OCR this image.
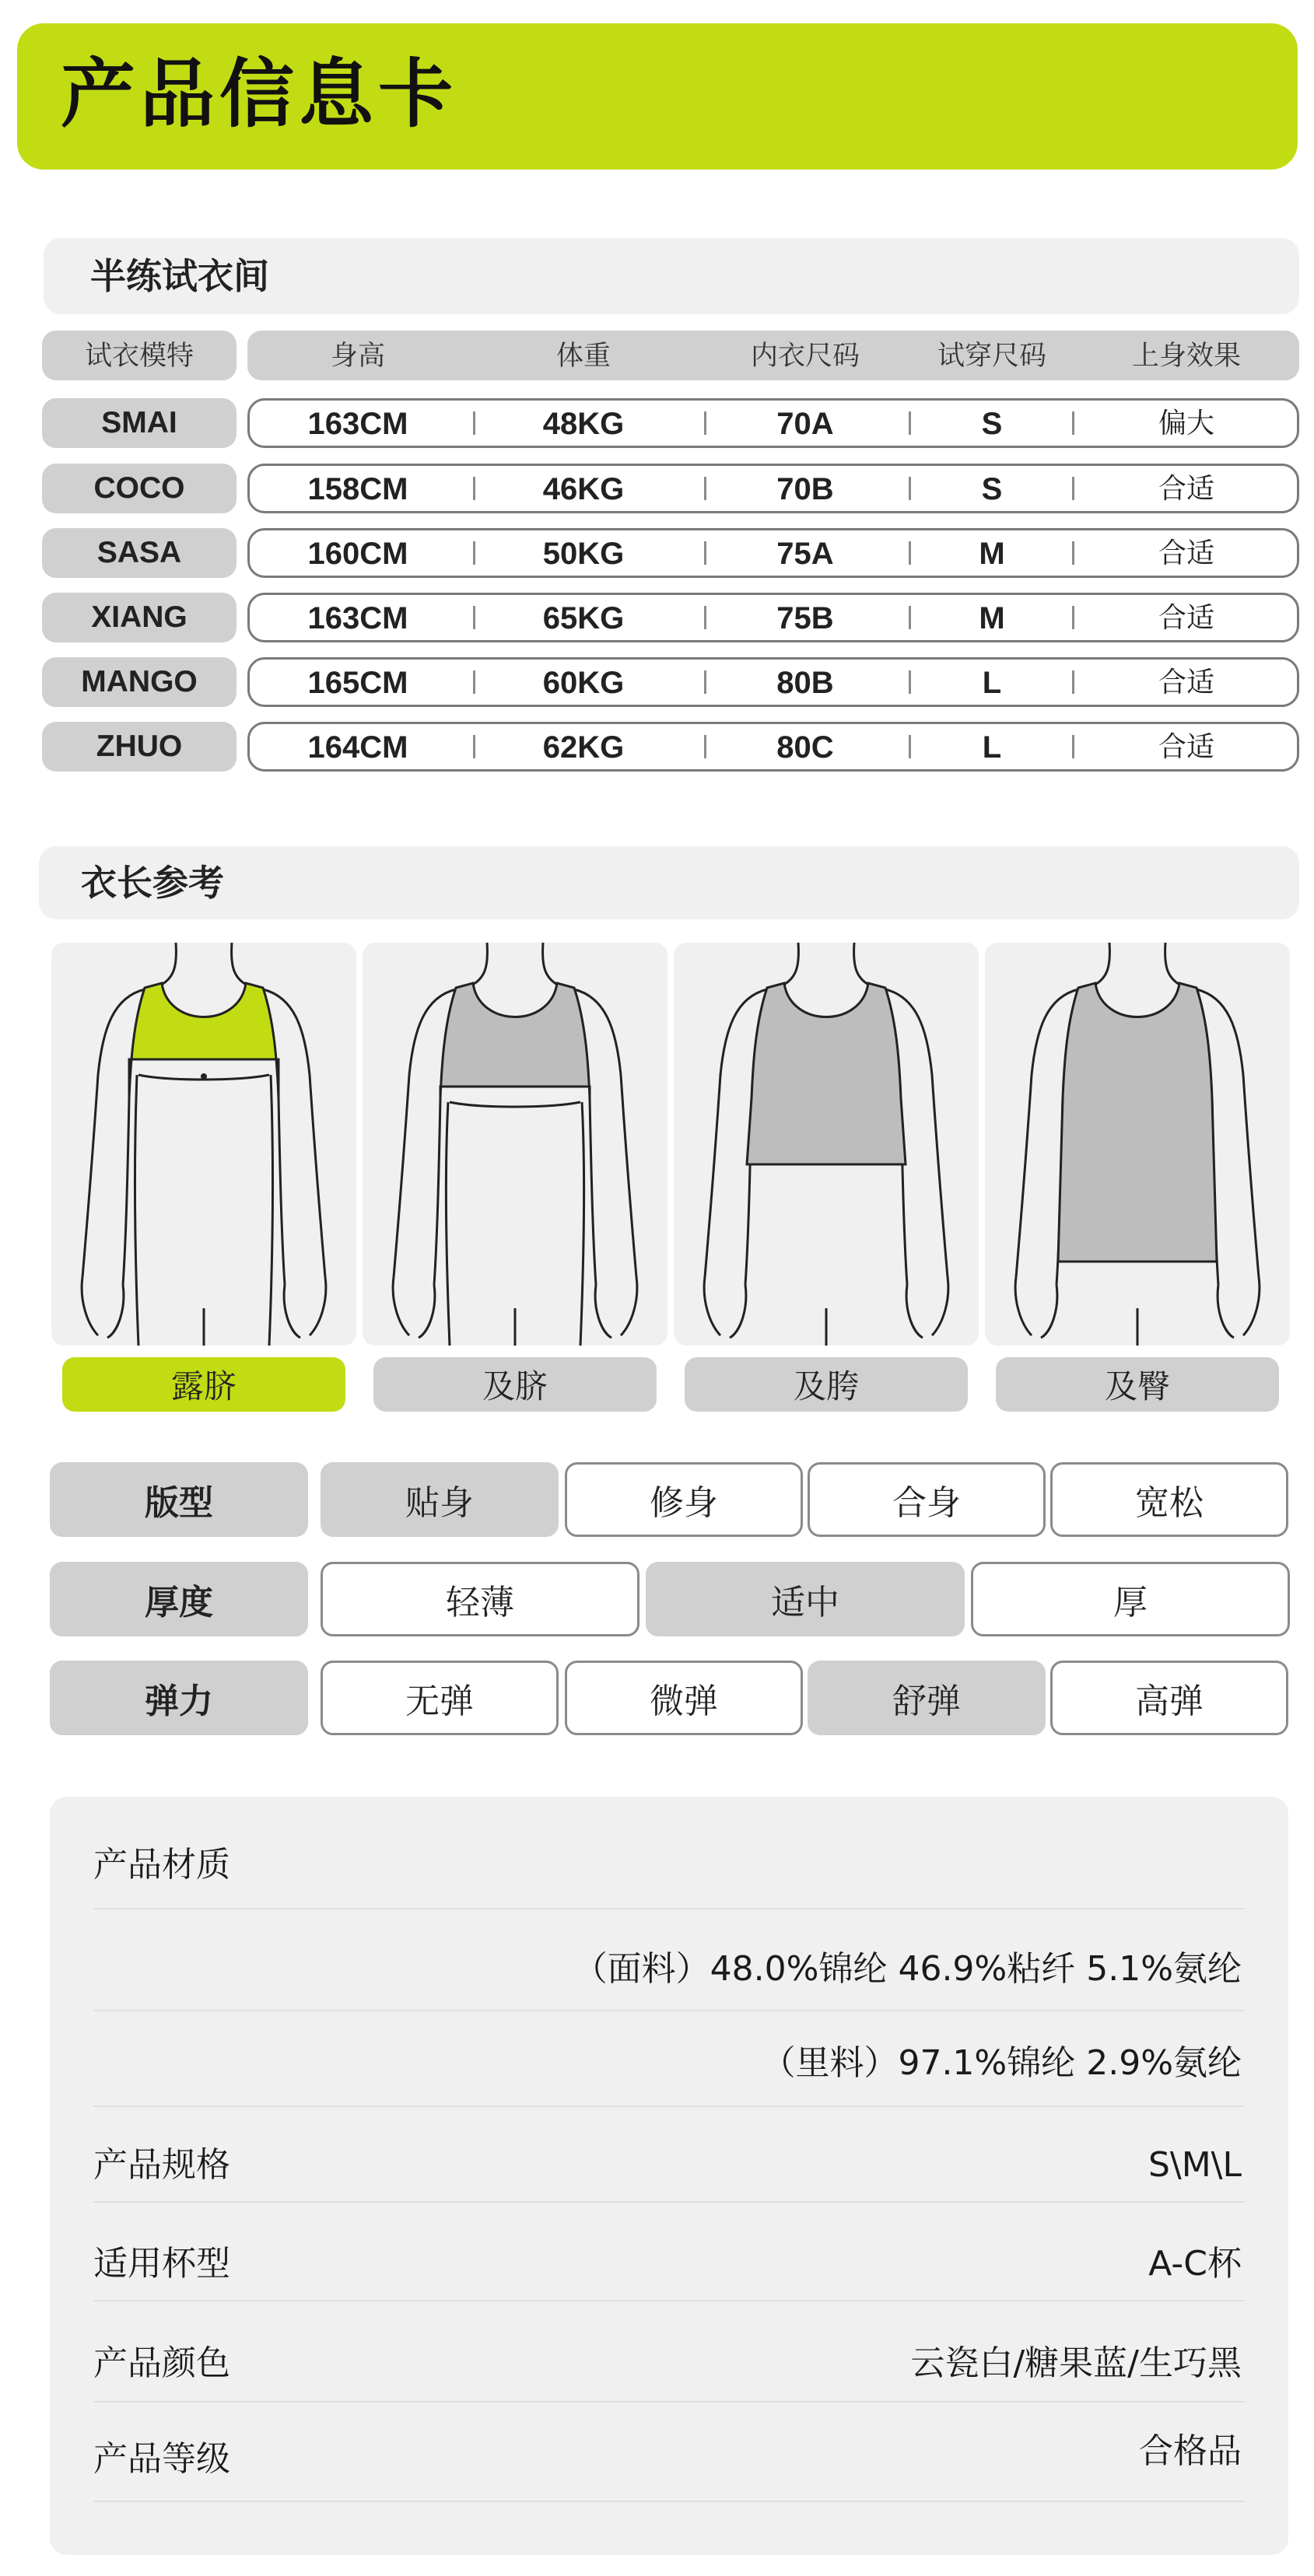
产品信息卡
半练试衣间
试衣模特	身高	体重	内衣尺码	试穿尺码	上身效果
SMAI	163CM	48KG	70A	S	偏大
COCO	158CM	46KG	70B	S	合适
SASA	160CM	50KG	75A	M	合适
XIANG	163CM	65KG	75B	M	合适
MANGO	165CM	60KG	80B	L	合适
ZHUO	164CM	62KG	80C	L	合适
衣长参考
露脐	及脐	及胯	及臀
版型	贴身	修身	合身	宽松
厚度	轻薄	适中	厚
弹力	无弹	微弹	舒弹	高弹
产品材质
（面料）48.0%锦纶 46.9%粘纤 5.1%氨纶
（里料）97.1%锦纶 2.9%氨纶
产品规格	S\M\L
适用杯型	A-C杯
产品颜色	云瓷白/糖果蓝/生巧黑
产品等级	合格品
